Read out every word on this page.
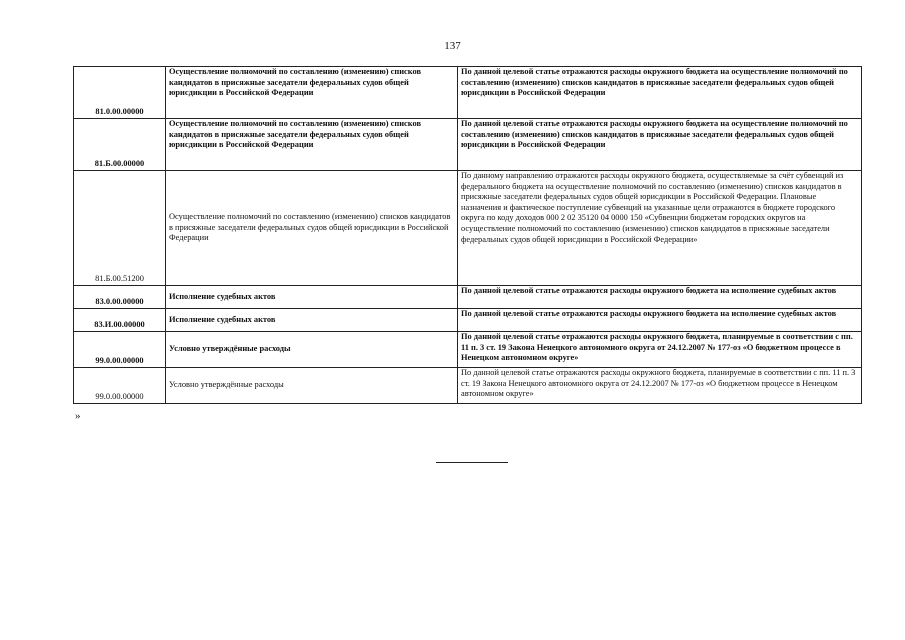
137
81.0.00.00000	Осуществление полномочий по составлению (изменению) списков кандидатов в присяжные заседатели федеральных судов общей юрисдикции в Российской Федерации	По данной целевой статье отражаются расходы окружного бюджета на осуществление полномочий по составлению (изменению) списков кандидатов в присяжные заседатели федеральных судов общей юрисдикции в Российской Федерации
81.Б.00.00000	Осуществление полномочий по составлению (изменению) списков кандидатов в присяжные заседатели федеральных судов общей юрисдикции в Российской Федерации	По данной целевой статье отражаются расходы окружного бюджета на осуществление полномочий по составлению (изменению) списков кандидатов в присяжные заседатели федеральных судов общей юрисдикции в Российской Федерации
81.Б.00.51200	Осуществление полномочий по составлению (изменению) списков кандидатов в присяжные заседатели федеральных судов общей юрисдикции в Российской Федерации	По данному направлению отражаются расходы окружного бюджета, осуществляемые за счёт субвенций из федерального бюджета на осуществление полномочий по составлению (изменению) списков кандидатов в присяжные заседатели федеральных судов общей юрисдикции в Российской Федерации. Плановые назначения и фактическое поступление субвенций на указанные цели отражаются в бюджете городского округа по коду доходов 000 2 02 35120 04 0000 150 «Субвенции бюджетам городских округов на осуществление полномочий по составлению (изменению) списков кандидатов в присяжные заседатели федеральных судов общей юрисдикции в Российской Федерации»
83.0.00.00000	Исполнение судебных актов	По данной целевой статье отражаются расходы окружного бюджета на исполнение судебных актов
83.И.00.00000	Исполнение судебных актов	По данной целевой статье отражаются расходы окружного бюджета на исполнение судебных актов
99.0.00.00000	Условно утверждённые расходы	По данной целевой статье отражаются расходы окружного бюджета, планируемые в соответствии с пп. 11 п. 3 ст. 19 Закона Ненецкого автономного округа от 24.12.2007 № 177-оз «О бюджетном процессе в Ненецком автономном округе»
99.0.00.00000	Условно утверждённые расходы	По данной целевой статье отражаются расходы окружного бюджета, планируемые в соответствии с пп. 11 п. 3 ст. 19 Закона Ненецкого автономного округа от 24.12.2007 № 177-оз «О бюджетном процессе в Ненецком автономном округе»
»
